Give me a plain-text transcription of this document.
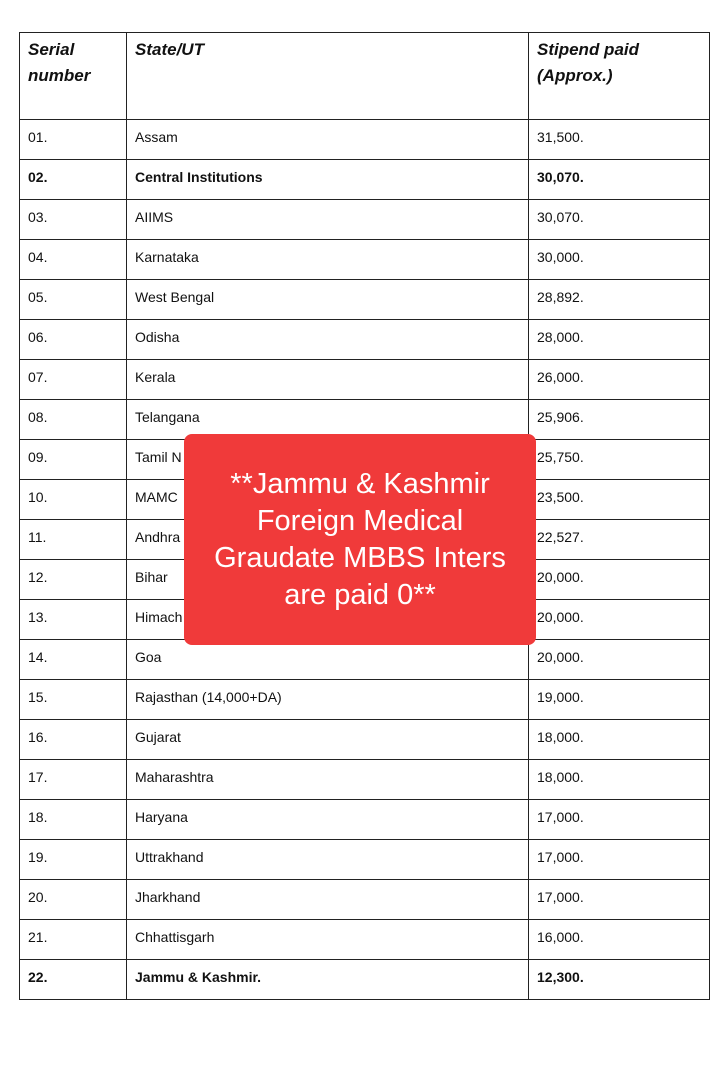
Serial
number	State/UT	Stipend paid
(Approx.)
01.	Assam	31,500.
02.	Central Institutions	30,070.
03.	AIIMS	30,070.
04.	Karnataka	30,000.
05.	West Bengal	28,892.
06.	Odisha	28,000.
07.	Kerala	26,000.
08.	Telangana	25,906.
09.	Tamil N	25,750.
10.	MAMC	23,500.
11.	Andhra	22,527.
12.	Bihar	20,000.
13.	Himach	20,000.
14.	Goa	20,000.
15.	Rajasthan (14,000+DA)	19,000.
16.	Gujarat	18,000.
17.	Maharashtra	18,000.
18.	Haryana	17,000.
19.	Uttrakhand	17,000.
20.	Jharkhand	17,000.
21.	Chhattisgarh	16,000.
22.	Jammu & Kashmir.	12,300.
**Jammu & Kashmir Foreign Medical Graudate MBBS Inters are paid 0**
